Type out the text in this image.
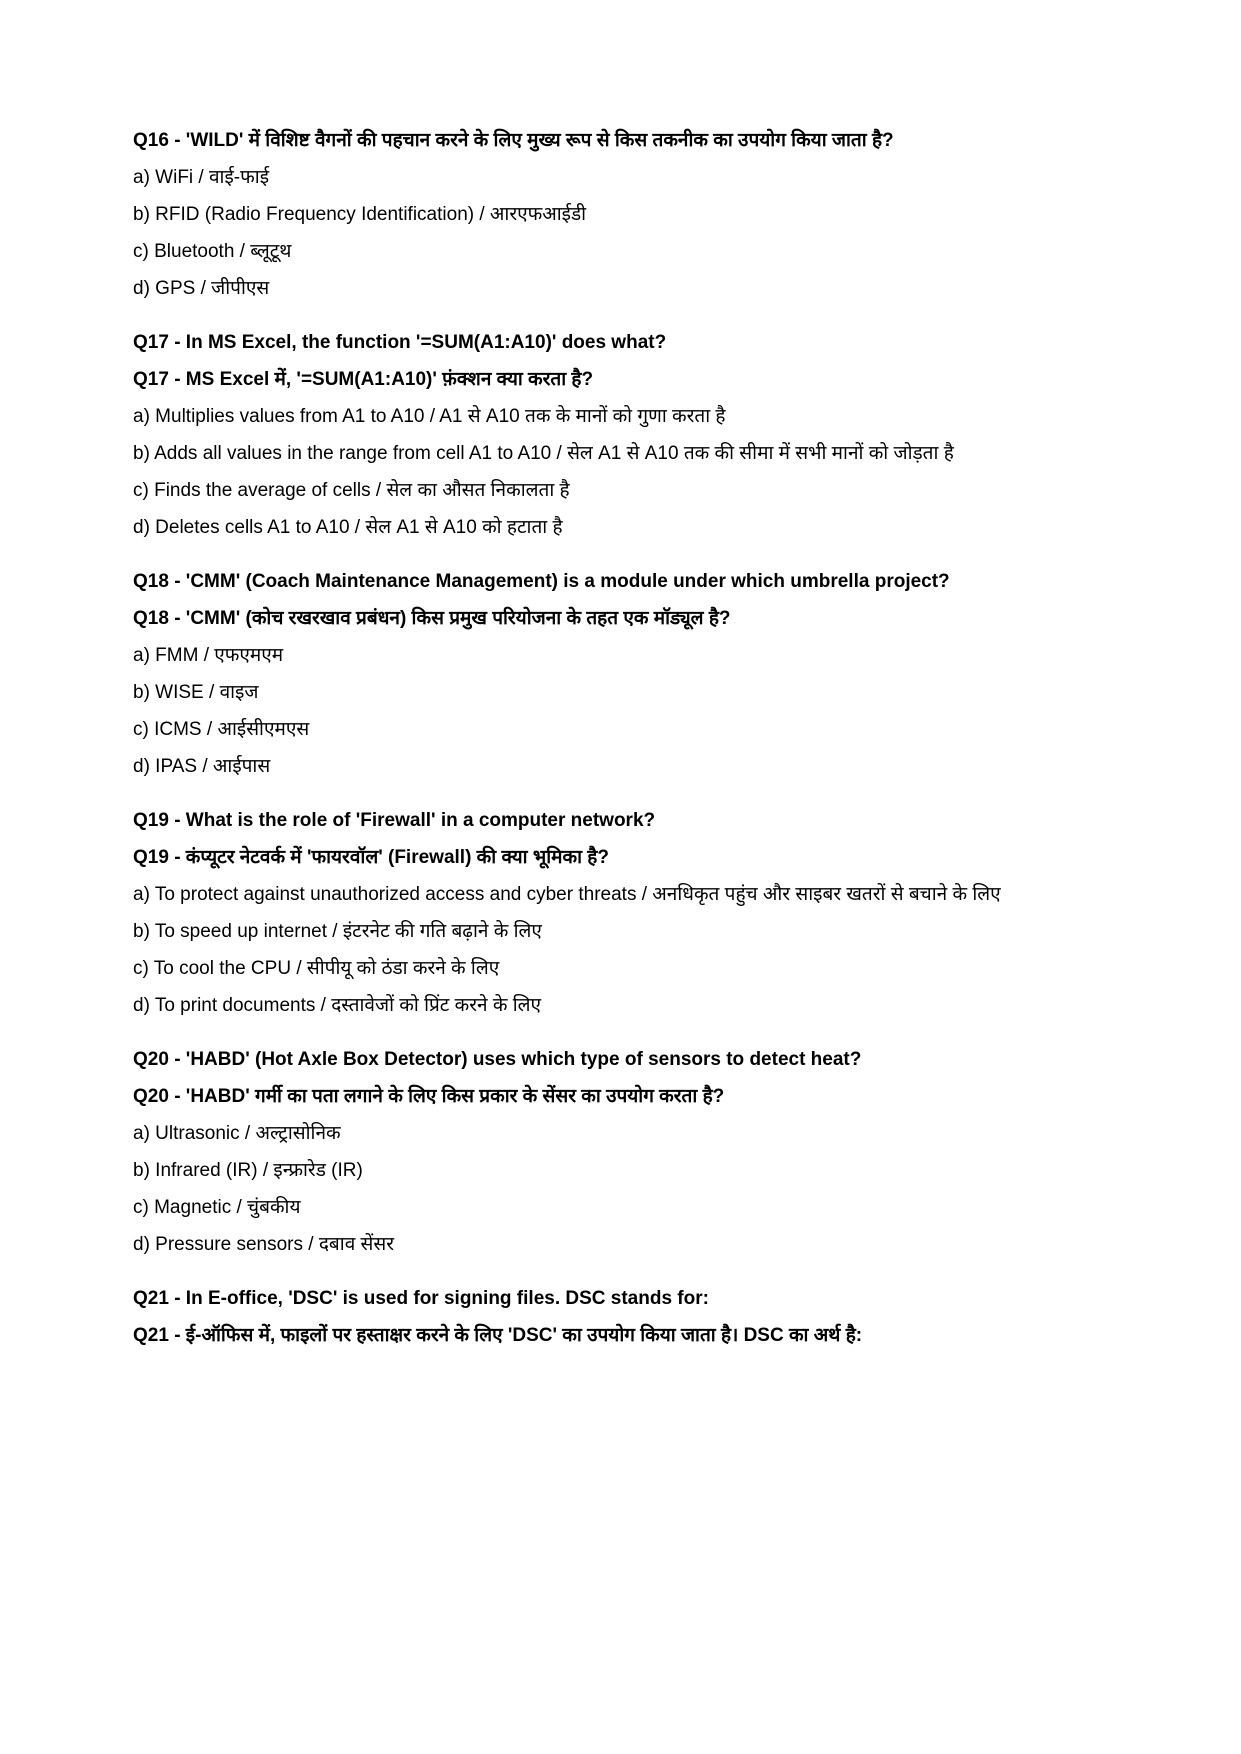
Q16 - 'WILD' में विशिष्ट वैगनों की पहचान करने के लिए मुख्य रूप से किस तकनीक का उपयोग किया जाता है?

a) WiFi / वाई-फाई

b) RFID (Radio Frequency Identification) / आरएफआईडी

c) Bluetooth / ब्लूटूथ

d) GPS / जीपीएस

Q17 - In MS Excel, the function '=SUM(A1:A10)' does what?

Q17 - MS Excel में, '=SUM(A1:A10)' फ़ंक्शन क्या करता है?

a) Multiplies values from A1 to A10 / A1 से A10 तक के मानों को गुणा करता है

b) Adds all values in the range from cell A1 to A10 / सेल A1 से A10 तक की सीमा में सभी मानों को जोड़ता है

c) Finds the average of cells / सेल का औसत निकालता है

d) Deletes cells A1 to A10 / सेल A1 से A10 को हटाता है

Q18 - 'CMM' (Coach Maintenance Management) is a module under which umbrella project?

Q18 - 'CMM' (कोच रखरखाव प्रबंधन) किस प्रमुख परियोजना के तहत एक मॉड्यूल है?

a) FMM / एफएमएम

b) WISE / वाइज

c) ICMS / आईसीएमएस

d) IPAS / आईपास

Q19 - What is the role of 'Firewall' in a computer network?

Q19 - कंप्यूटर नेटवर्क में 'फायरवॉल' (Firewall) की क्या भूमिका है?

a) To protect against unauthorized access and cyber threats / अनधिकृत पहुंच और साइबर खतरों से बचाने के लिए

b) To speed up internet / इंटरनेट की गति बढ़ाने के लिए

c) To cool the CPU / सीपीयू को ठंडा करने के लिए

d) To print documents / दस्तावेजों को प्रिंट करने के लिए

Q20 - 'HABD' (Hot Axle Box Detector) uses which type of sensors to detect heat?

Q20 - 'HABD' गर्मी का पता लगाने के लिए किस प्रकार के सेंसर का उपयोग करता है?

a) Ultrasonic / अल्ट्रासोनिक

b) Infrared (IR) / इन्फ्रारेड (IR)

c) Magnetic / चुंबकीय

d) Pressure sensors / दबाव सेंसर

Q21 - In E-office, 'DSC' is used for signing files. DSC stands for:

Q21 - ई-ऑफिस में, फाइलों पर हस्ताक्षर करने के लिए 'DSC' का उपयोग किया जाता है। DSC का अर्थ है:
